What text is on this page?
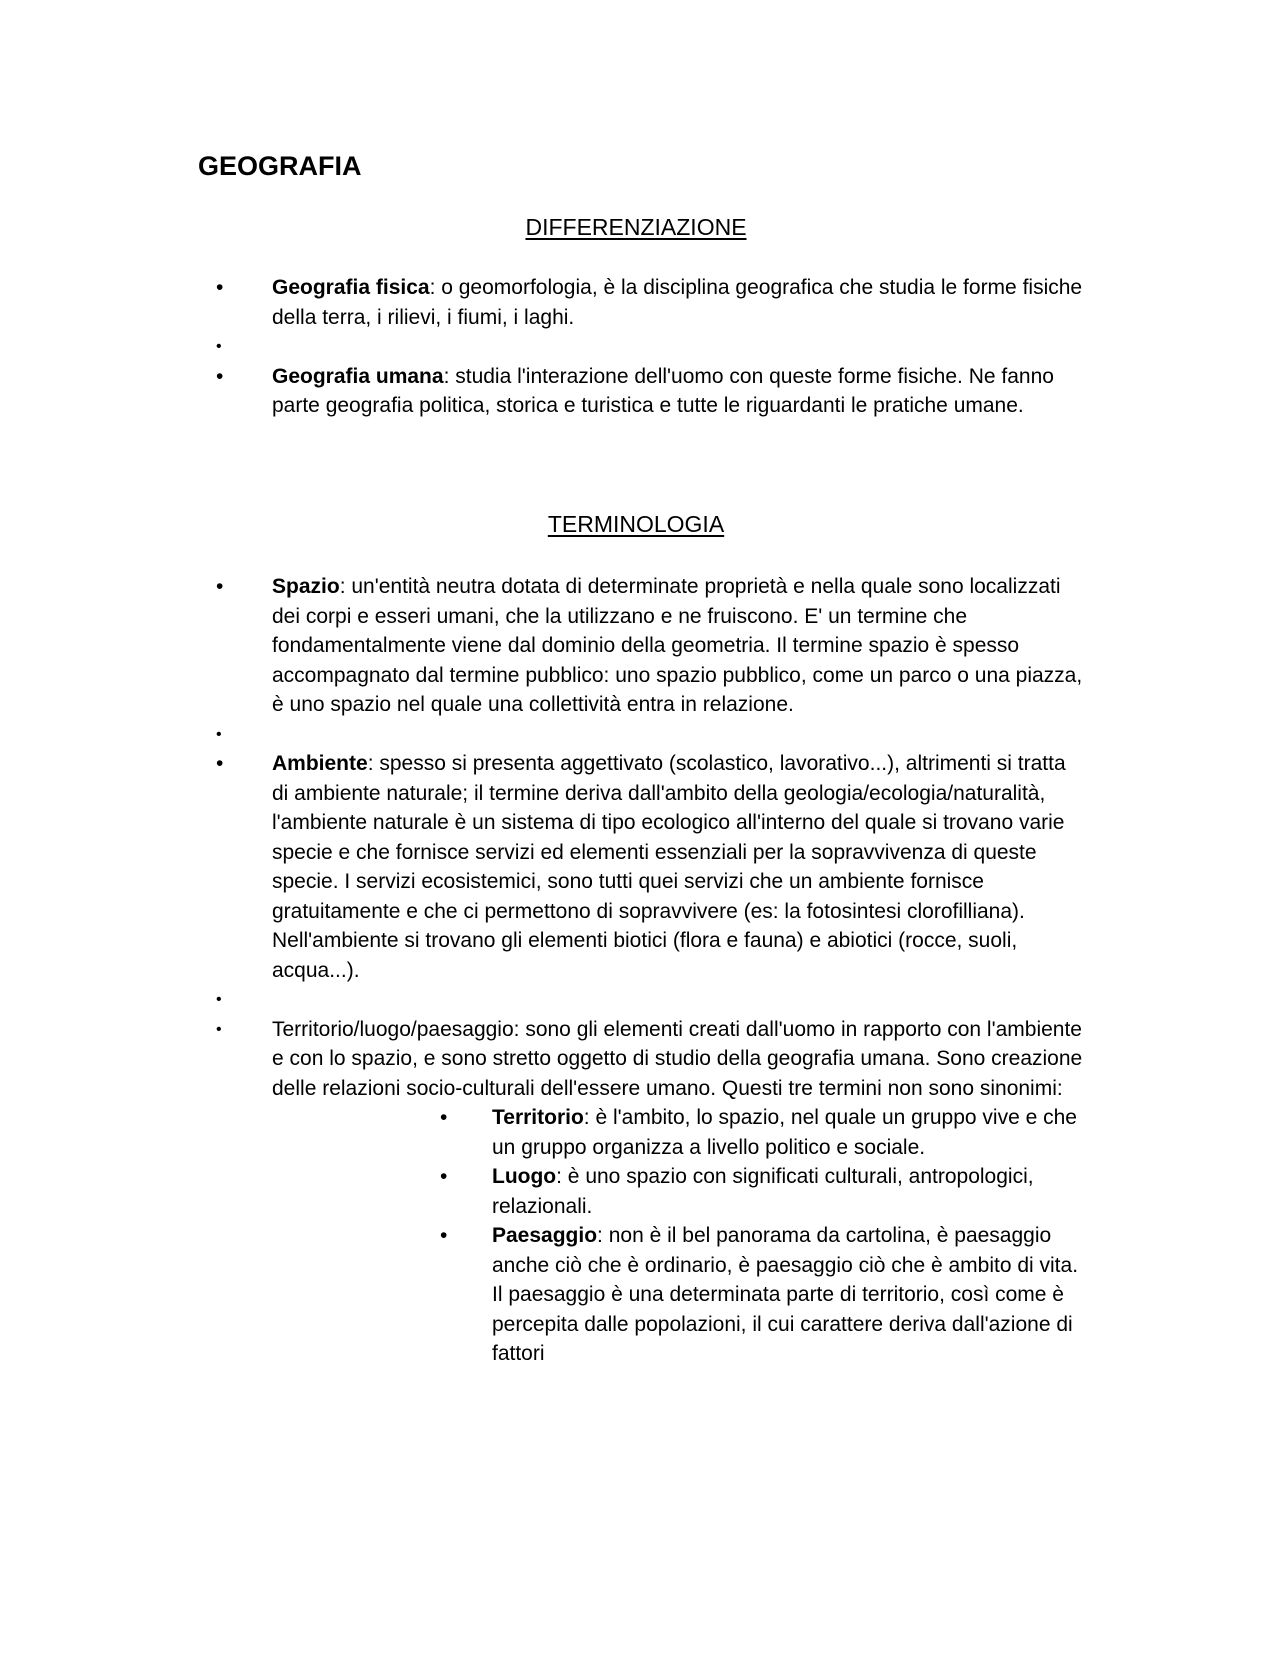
GEOGRAFIA
DIFFERENZIAZIONE
• Geografia fisica: o geomorfologia, è la disciplina geografica che studia le forme fisiche della terra, i rilievi, i fiumi, i laghi.
•
• Geografia umana: studia l'interazione dell'uomo con queste forme fisiche. Ne fanno parte geografia politica, storica e turistica e tutte le riguardanti le pratiche umane.
TERMINOLOGIA
• Spazio: un'entità neutra dotata di determinate proprietà e nella quale sono localizzati dei corpi e esseri umani, che la utilizzano e ne fruiscono. E' un termine che fondamentalmente viene dal dominio della geometria. Il termine spazio è spesso accompagnato dal termine pubblico: uno spazio pubblico, come un parco o una piazza, è uno spazio nel quale una collettività entra in relazione.
•
• Ambiente: spesso si presenta aggettivato (scolastico, lavorativo...), altrimenti si tratta di ambiente naturale; il termine deriva dall'ambito della geologia/ecologia/naturalità, l'ambiente naturale è un sistema di tipo ecologico all'interno del quale si trovano varie specie e che fornisce servizi ed elementi essenziali per la sopravvivenza di queste specie. I servizi ecosistemici, sono tutti quei servizi che un ambiente fornisce gratuitamente e che ci permettono di sopravvivere (es: la fotosintesi clorofilliana). Nell'ambiente si trovano gli elementi biotici (flora e fauna) e abiotici (rocce, suoli, acqua...).
•
• Territorio/luogo/paesaggio: sono gli elementi creati dall'uomo in rapporto con l'ambiente e con lo spazio, e sono stretto oggetto di studio della geografia umana. Sono creazione delle relazioni socio-culturali dell'essere umano. Questi tre termini non sono sinonimi:
• Territorio: è l'ambito, lo spazio, nel quale un gruppo vive e che un gruppo organizza a livello politico e sociale.
• Luogo: è uno spazio con significati culturali, antropologici, relazionali.
• Paesaggio: non è il bel panorama da cartolina, è paesaggio anche ciò che è ordinario, è paesaggio ciò che è ambito di vita. Il paesaggio è una determinata parte di territorio, così come è percepita dalle popolazioni, il cui carattere deriva dall'azione di fattori
